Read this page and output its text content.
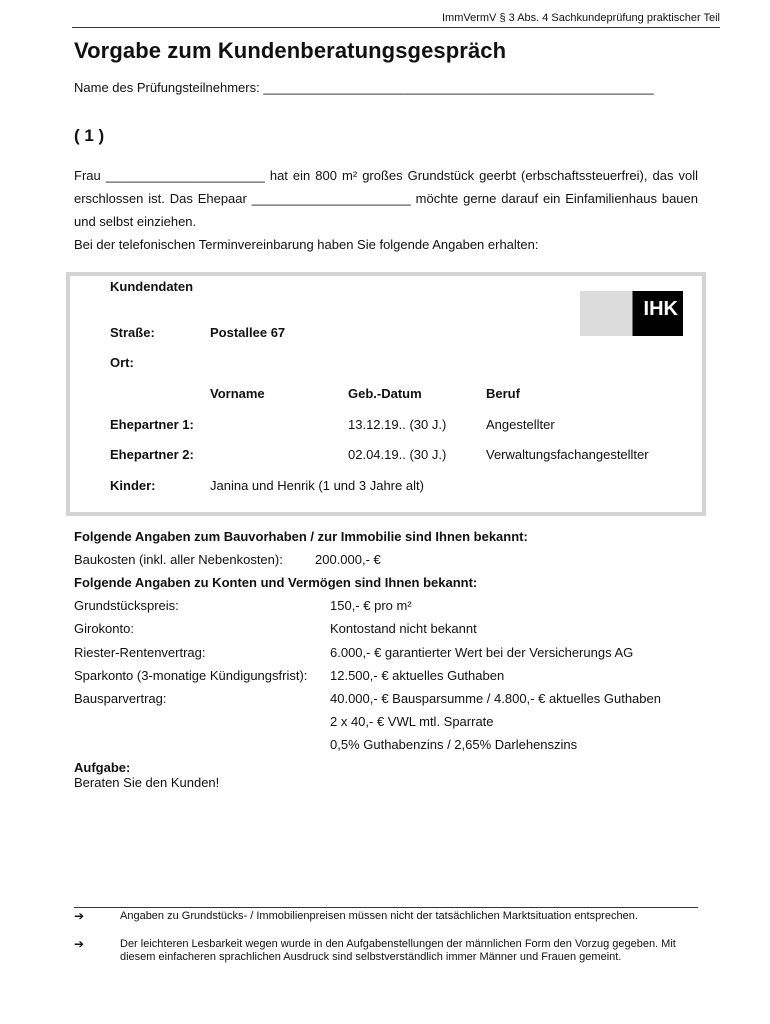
ImmVermV § 3 Abs. 4 Sachkundeprüfung praktischer Teil
Vorgabe zum Kundenberatungsgespräch
Name des Prüfungsteilnehmers: ______________________________________________________
( 1 )

Frau ______________________ hat ein 800 m² großes Grundstück geerbt (erbschaftssteuerfrei), das voll erschlossen ist. Das Ehepaar ______________________ möchte gerne darauf ein Einfamilienhaus bauen und selbst einziehen.

Bei der telefonischen Terminvereinbarung haben Sie folgende Angaben erhalten:

IHK
Kundendaten
Straße:	Postallee 67
Ort:
Vorname	Geb.-Datum	Beruf
Ehepartner 1:	13.12.19.. (30 J.)	Angestellter
Ehepartner 2:	02.04.19.. (30 J.)	Verwaltungsfachangestellter
Kinder:	Janina und Henrik (1 und 3 Jahre alt)
Folgende Angaben zum Bauvorhaben / zur Immobilie sind Ihnen bekannt:
Baukosten (inkl. aller Nebenkosten): 200.000,- €
Folgende Angaben zu Konten und Vermögen sind Ihnen bekannt:
Grundstückspreis:	150,- € pro m²
Girokonto:	Kontostand nicht bekannt
Riester-Rentenvertrag:	6.000,- € garantierter Wert bei der Versicherungs AG
Sparkonto (3-monatige Kündigungsfrist): 12.500,- € aktuelles Guthaben
Bausparvertrag:	40.000,- € Bausparsumme / 4.800,- € aktuelles Guthaben
2 x 40,- € VWL mtl. Sparrate
0,5% Guthabenzins / 2,65% Darlehenszins
Aufgabe:
Beraten Sie den Kunden!
➔	Angaben zu Grundstücks- / Immobilienpreisen müssen nicht der tatsächlichen Marktsituation entsprechen.
➔	Der leichteren Lesbarkeit wegen wurde in den Aufgabenstellungen der männlichen Form den Vorzug gegeben. Mit diesem einfacheren sprachlichen Ausdruck sind selbstverständlich immer Männer und Frauen gemeint.
